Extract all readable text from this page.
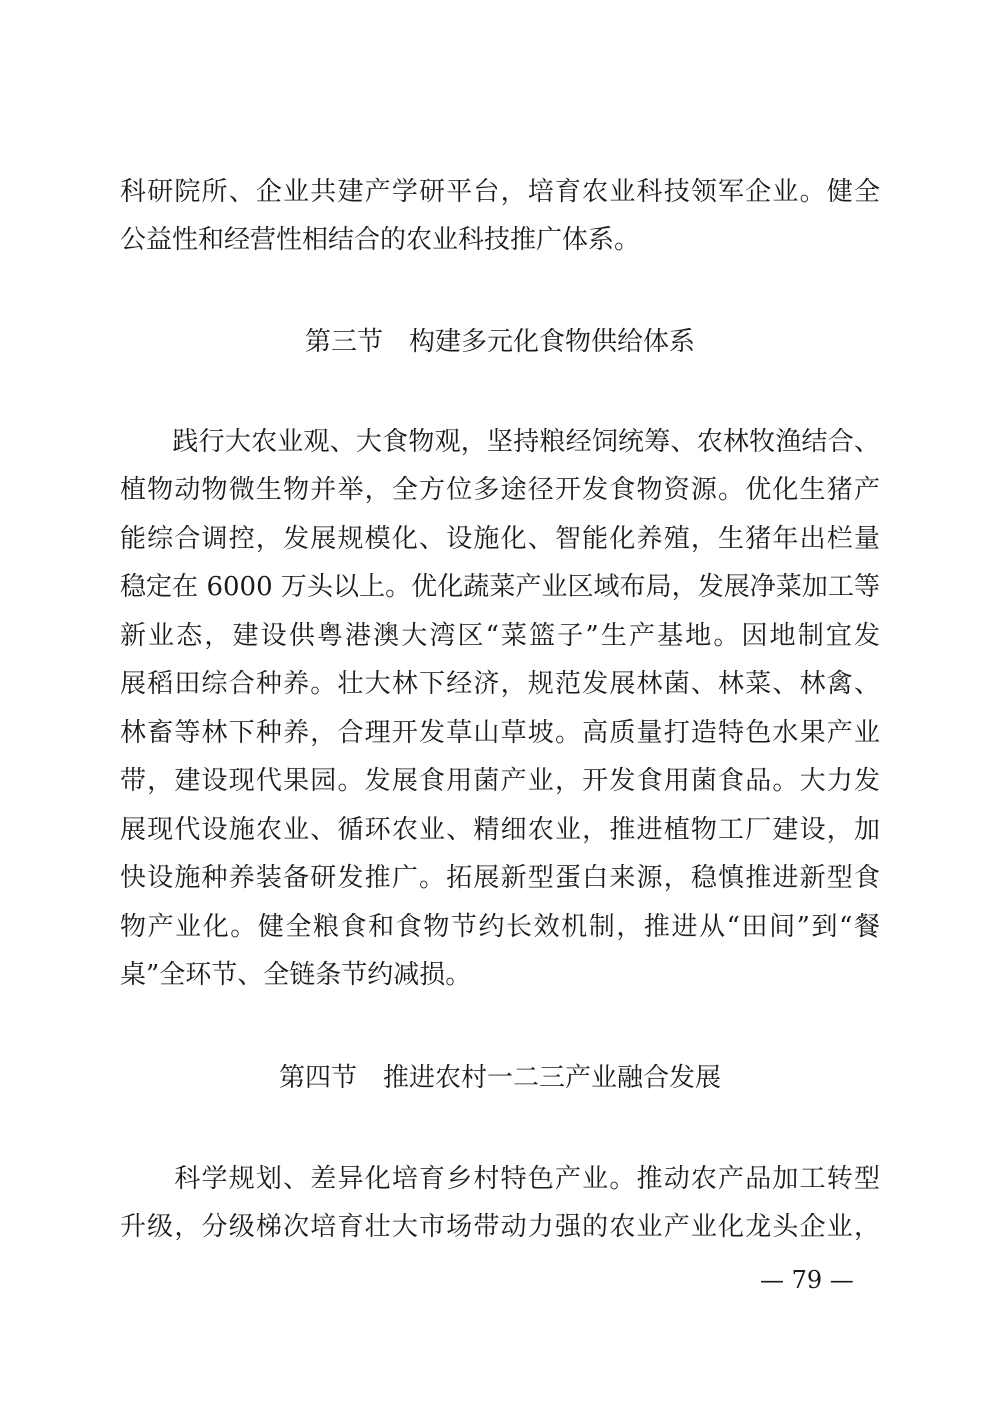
科研院所、企业共建产学研平台，培育农业科技领军企业。健全
公益性和经营性相结合的农业科技推广体系。
第三节　构建多元化食物供给体系
　　践行大农业观、大食物观，坚持粮经饲统筹、农林牧渔结合、
植物动物微生物并举，全方位多途径开发食物资源。优化生猪产
能综合调控，发展规模化、设施化、智能化养殖，生猪年出栏量
稳定在 6000 万头以上。优化蔬菜产业区域布局，发展净菜加工等
新业态，建设供粤港澳大湾区“菜篮子”生产基地。因地制宜发
展稻田综合种养。壮大林下经济，规范发展林菌、林菜、林禽、
林畜等林下种养，合理开发草山草坡。高质量打造特色水果产业
带，建设现代果园。发展食用菌产业，开发食用菌食品。大力发
展现代设施农业、循环农业、精细农业，推进植物工厂建设，加
快设施种养装备研发推广。拓展新型蛋白来源，稳慎推进新型食
物产业化。健全粮食和食物节约长效机制，推进从“田间”到“餐
桌”全环节、全链条节约减损。
第四节　推进农村一二三产业融合发展
　　科学规划、差异化培育乡村特色产业。推动农产品加工转型
升级，分级梯次培育壮大市场带动力强的农业产业化龙头企业，
— 79 —
